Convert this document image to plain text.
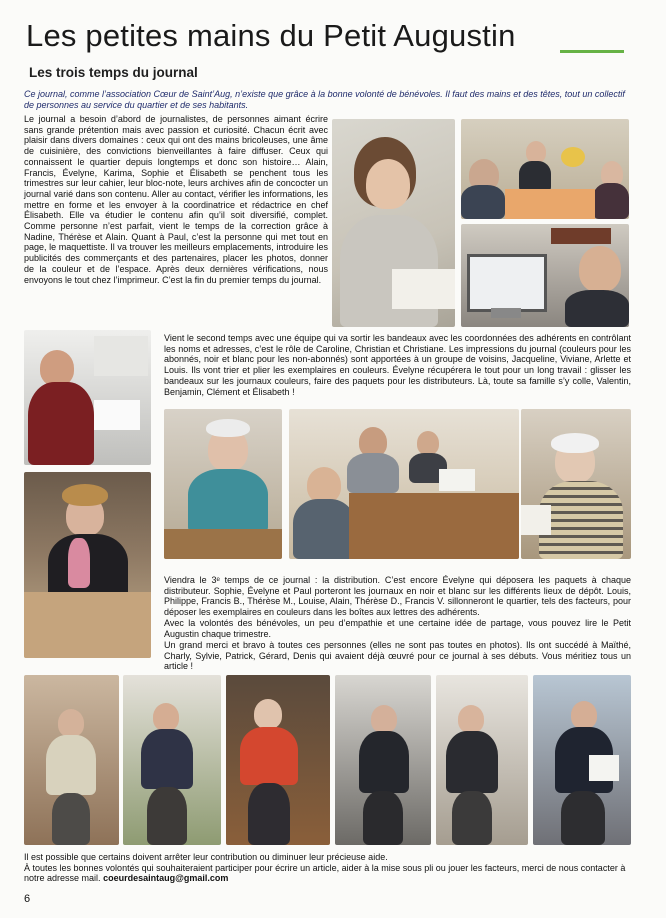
Les petites mains du Petit Augustin
Les trois temps du journal
Ce journal, comme l’association Cœur de Saint’Aug, n’existe que grâce à la bonne volonté de bénévoles. Il faut des mains et des têtes, tout un collectif de personnes au service du quartier et de ses habitants.
Le journal a besoin d’abord de journalistes, de personnes aimant écrire sans grande prétention mais avec passion et curiosité. Chacun écrit avec plaisir dans divers domaines : ceux qui ont des mains bricoleuses, une âme de cuisinière, des convictions bienveillantes à faire diffuser. Ceux qui connaissent le quartier depuis longtemps et donc son histoire… Alain, Francis, Évelyne, Karima, Sophie et Élisabeth se penchent tous les trimestres sur leur cahier, leur bloc-note, leurs archives afin de concocter un journal varié dans son contenu. Aller au contact, vérifier les informations, les mettre en forme et les envoyer à la coordinatrice et rédactrice en chef Élisabeth. Elle va étudier le contenu afin qu’il soit diversifié, complet. Comme personne n’est parfait, vient le temps de la correction grâce à Nadine, Thérèse et Alain. Quant à Paul, c’est la personne qui met tout en page, le maquettiste. Il va trouver les meilleurs emplacements, introduire les publicités des commerçants et des partenaires, placer les photos, donner de la couleur et de l’espace. Après deux dernières vérifications, nous envoyons le tout chez l’imprimeur. C’est la fin du premier temps du journal.
Vient le second temps avec une équipe qui va sortir les bandeaux avec les coordonnées des adhérents en contrôlant les noms et adresses, c’est le rôle de Caroline, Christian et Christiane. Les impressions du journal (couleurs pour les abonnés, noir et blanc pour les non-abonnés) sont apportées à un groupe de voisins, Jacqueline, Viviane, Arlette et Louis. Ils vont trier et plier les exemplaires en couleurs. Évelyne récupérera le tout pour un long travail : glisser les bandeaux sur les journaux couleurs, faire des paquets pour les distributeurs. Là, toute sa famille s’y colle, Valentin, Benjamin, Clément et Élisabeth !
Viendra le 3ᵉ temps de ce journal : la distribution. C’est encore Évelyne qui déposera les paquets à chaque distributeur. Sophie, Évelyne et Paul porteront les journaux en noir et blanc sur les différents lieux de dépôt. Louis, Philippe, Francis B., Thérèse M., Louise, Alain, Thérèse D., Francis V. sillonneront le quartier, tels des facteurs, pour déposer les exemplaires en couleurs dans les boîtes aux lettres des adhérents.
Avec la volontés des bénévoles, un peu d’empathie et une certaine idée de partage, vous pouvez lire le Petit Augustin chaque trimestre.
Un grand merci et bravo à toutes ces personnes (elles ne sont pas toutes en photos). Ils ont succédé à Maïthé, Charly, Sylvie, Patrick, Gérard, Denis qui avaient déjà œuvré pour ce journal à ses débuts. Vous méritiez tous un article !
Il est possible que certains doivent arrêter leur contribution ou diminuer leur précieuse aide.
À toutes les bonnes volontés qui souhaiteraient participer pour écrire un article, aider à la mise sous pli ou jouer les facteurs, merci de nous contacter à notre adresse mail. coeurdesaintaug@gmail.com
6
